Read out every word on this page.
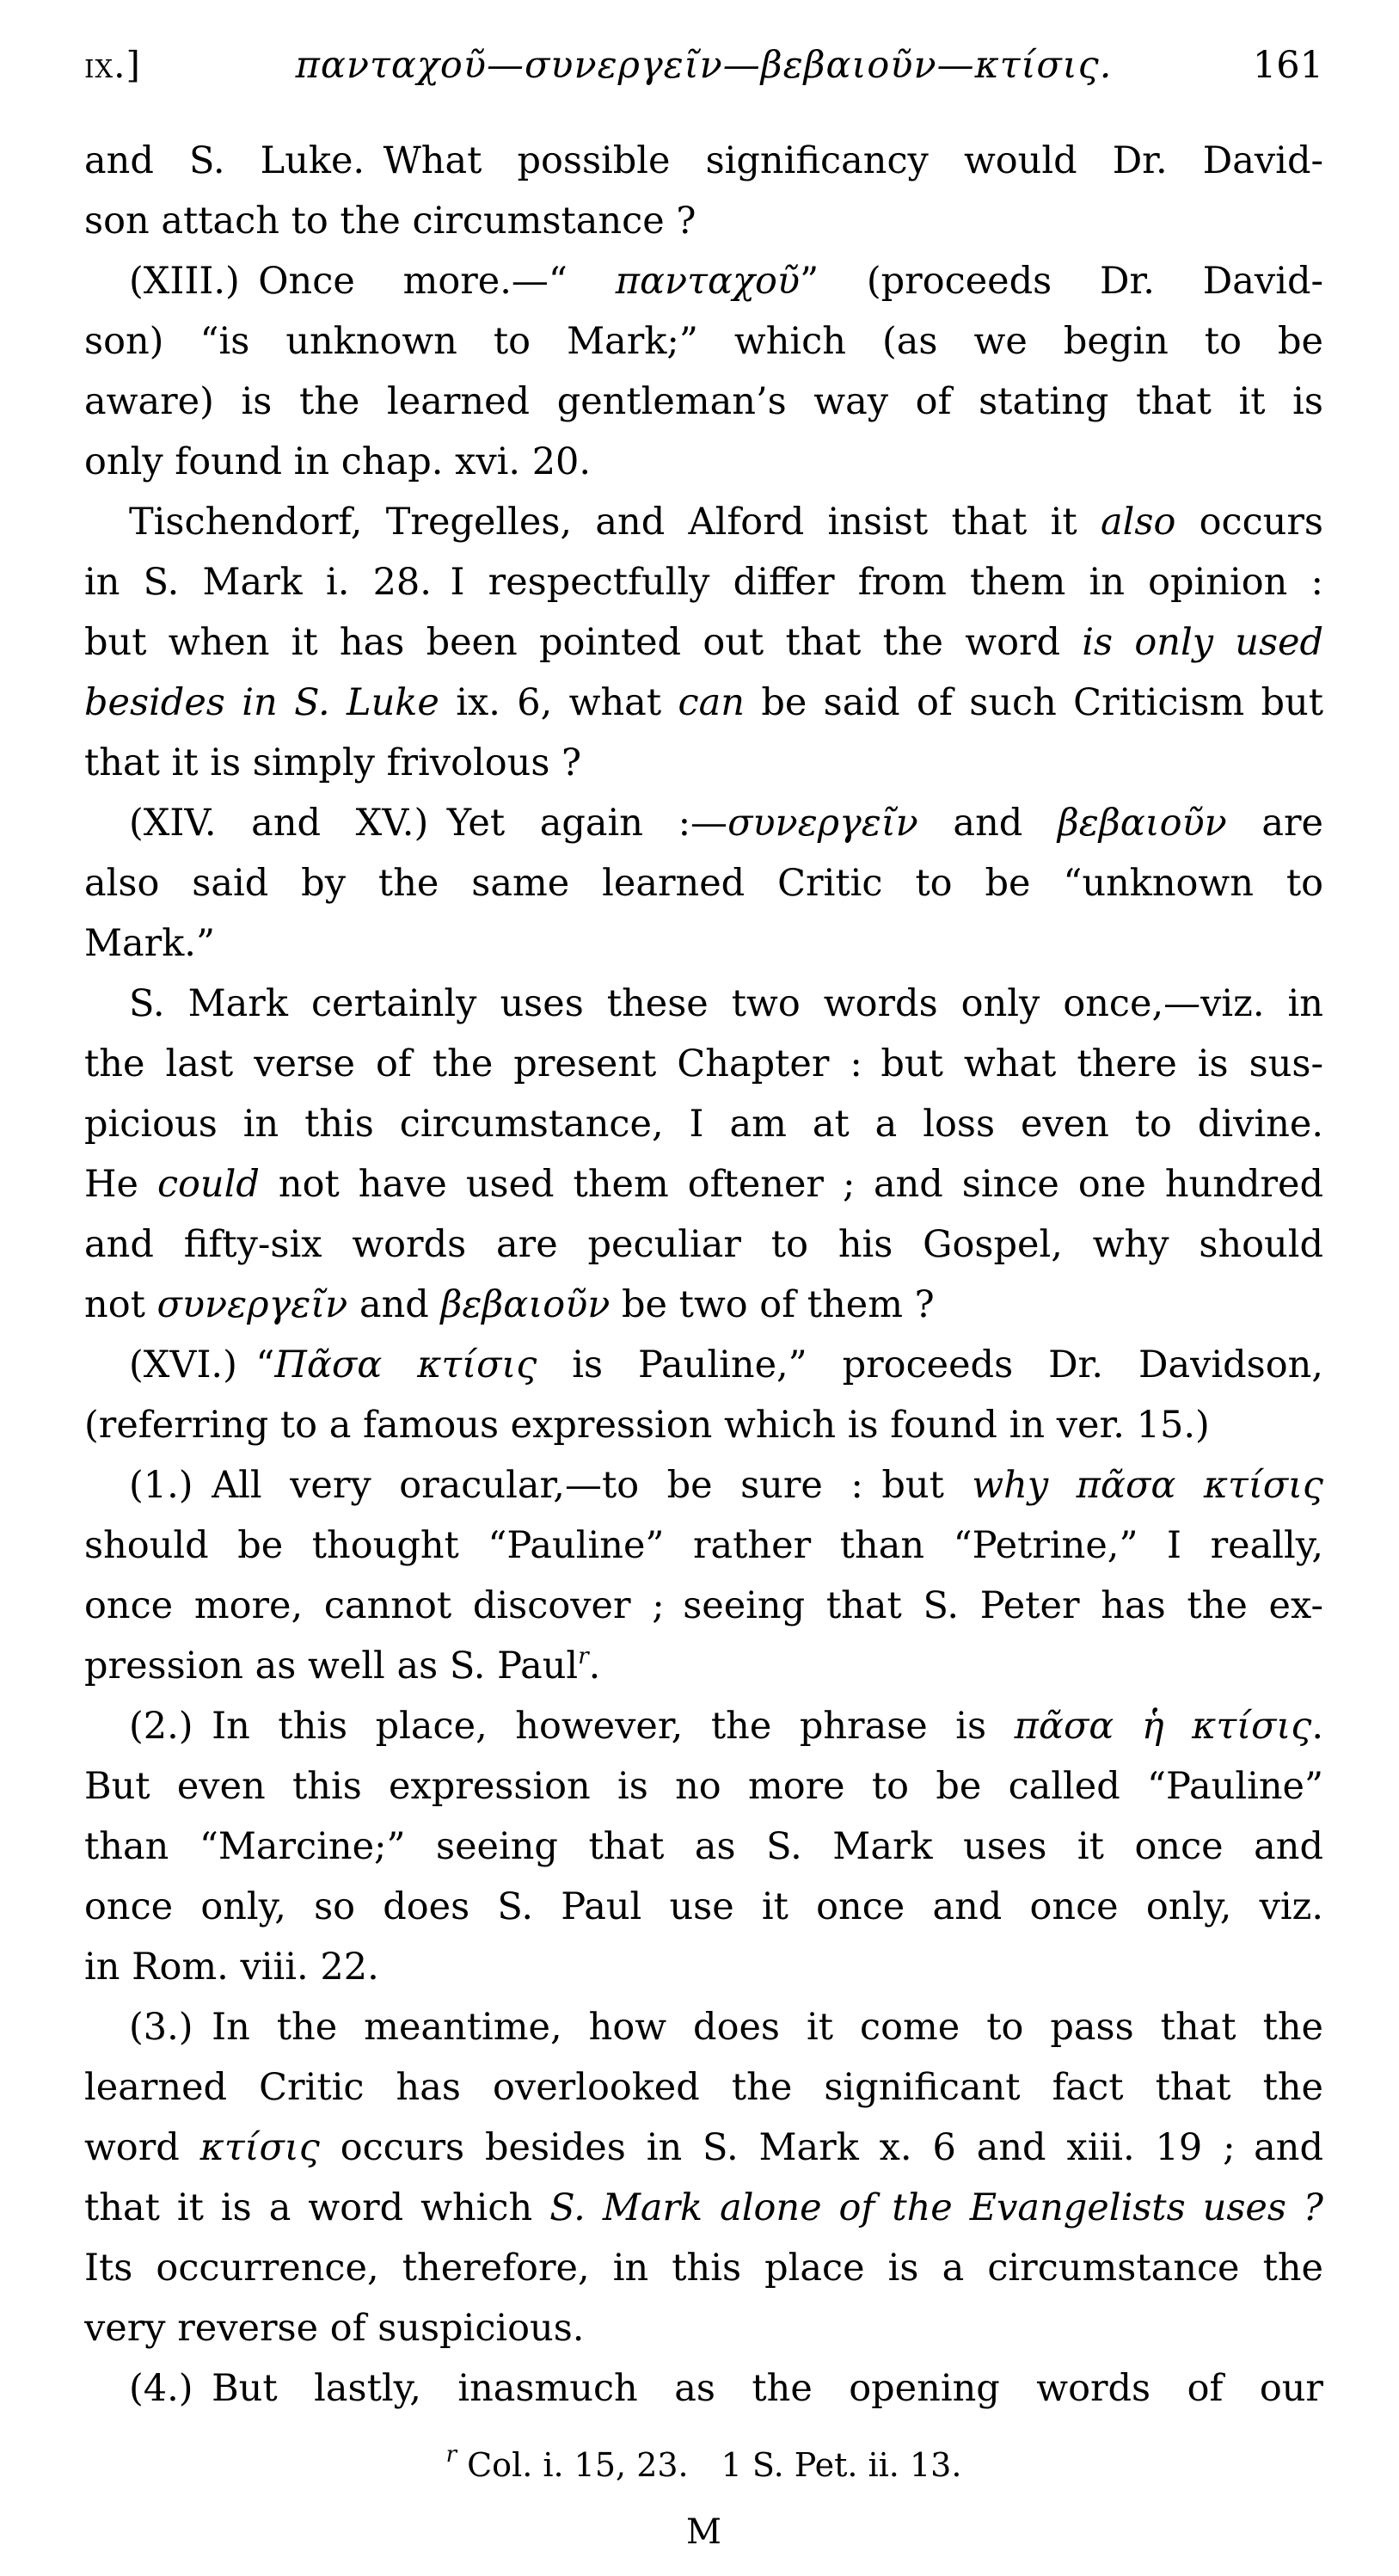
ix.]	πανταχοῦ—συνεργεῖν—βεβαιοῦν—κτίσις.	161
and S. Luke. What possible significancy would Dr. David-
son attach to the circumstance ?
(XIII.) Once more.—“ πανταχοῦ” (proceeds Dr. David-
son) “is unknown to Mark;” which (as we begin to be
aware) is the learned gentleman’s way of stating that it is
only found in chap. xvi. 20.
Tischendorf, Tregelles, and Alford insist that it also occurs
in S. Mark i. 28. I respectfully differ from them in opinion :
but when it has been pointed out that the word is only used
besides in S. Luke ix. 6, what can be said of such Criticism but
that it is simply frivolous ?
(XIV. and XV.) Yet again :—συνεργεῖν and βεβαιοῦν are
also said by the same learned Critic to be “unknown to
Mark.”
S. Mark certainly uses these two words only once,—viz. in
the last verse of the present Chapter : but what there is sus-
picious in this circumstance, I am at a loss even to divine.
He could not have used them oftener ; and since one hundred
and fifty-six words are peculiar to his Gospel, why should
not συνεργεῖν and βεβαιοῦν be two of them ?
(XVI.) “Πᾶσα κτίσις is Pauline,” proceeds Dr. Davidson,
(referring to a famous expression which is found in ver. 15.)
(1.) All very oracular,—to be sure : but why πᾶσα κτίσις
should be thought “Pauline” rather than “Petrine,” I really,
once more, cannot discover ; seeing that S. Peter has the ex-
pression as well as S. Paul$^r$.
(2.) In this place, however, the phrase is πᾶσα ἡ κτίσις.
But even this expression is no more to be called “Pauline”
than “Marcine;” seeing that as S. Mark uses it once and
once only, so does S. Paul use it once and once only, viz.
in Rom. viii. 22.
(3.) In the meantime, how does it come to pass that the
learned Critic has overlooked the significant fact that the
word κτίσις occurs besides in S. Mark x. 6 and xiii. 19 ; and
that it is a word which S. Mark alone of the Evangelists uses ?
Its occurrence, therefore, in this place is a circumstance the
very reverse of suspicious.
(4.) But lastly, inasmuch as the opening words of our
$^r$ Col. i. 15, 23.  1 S. Pet. ii. 13.
M
